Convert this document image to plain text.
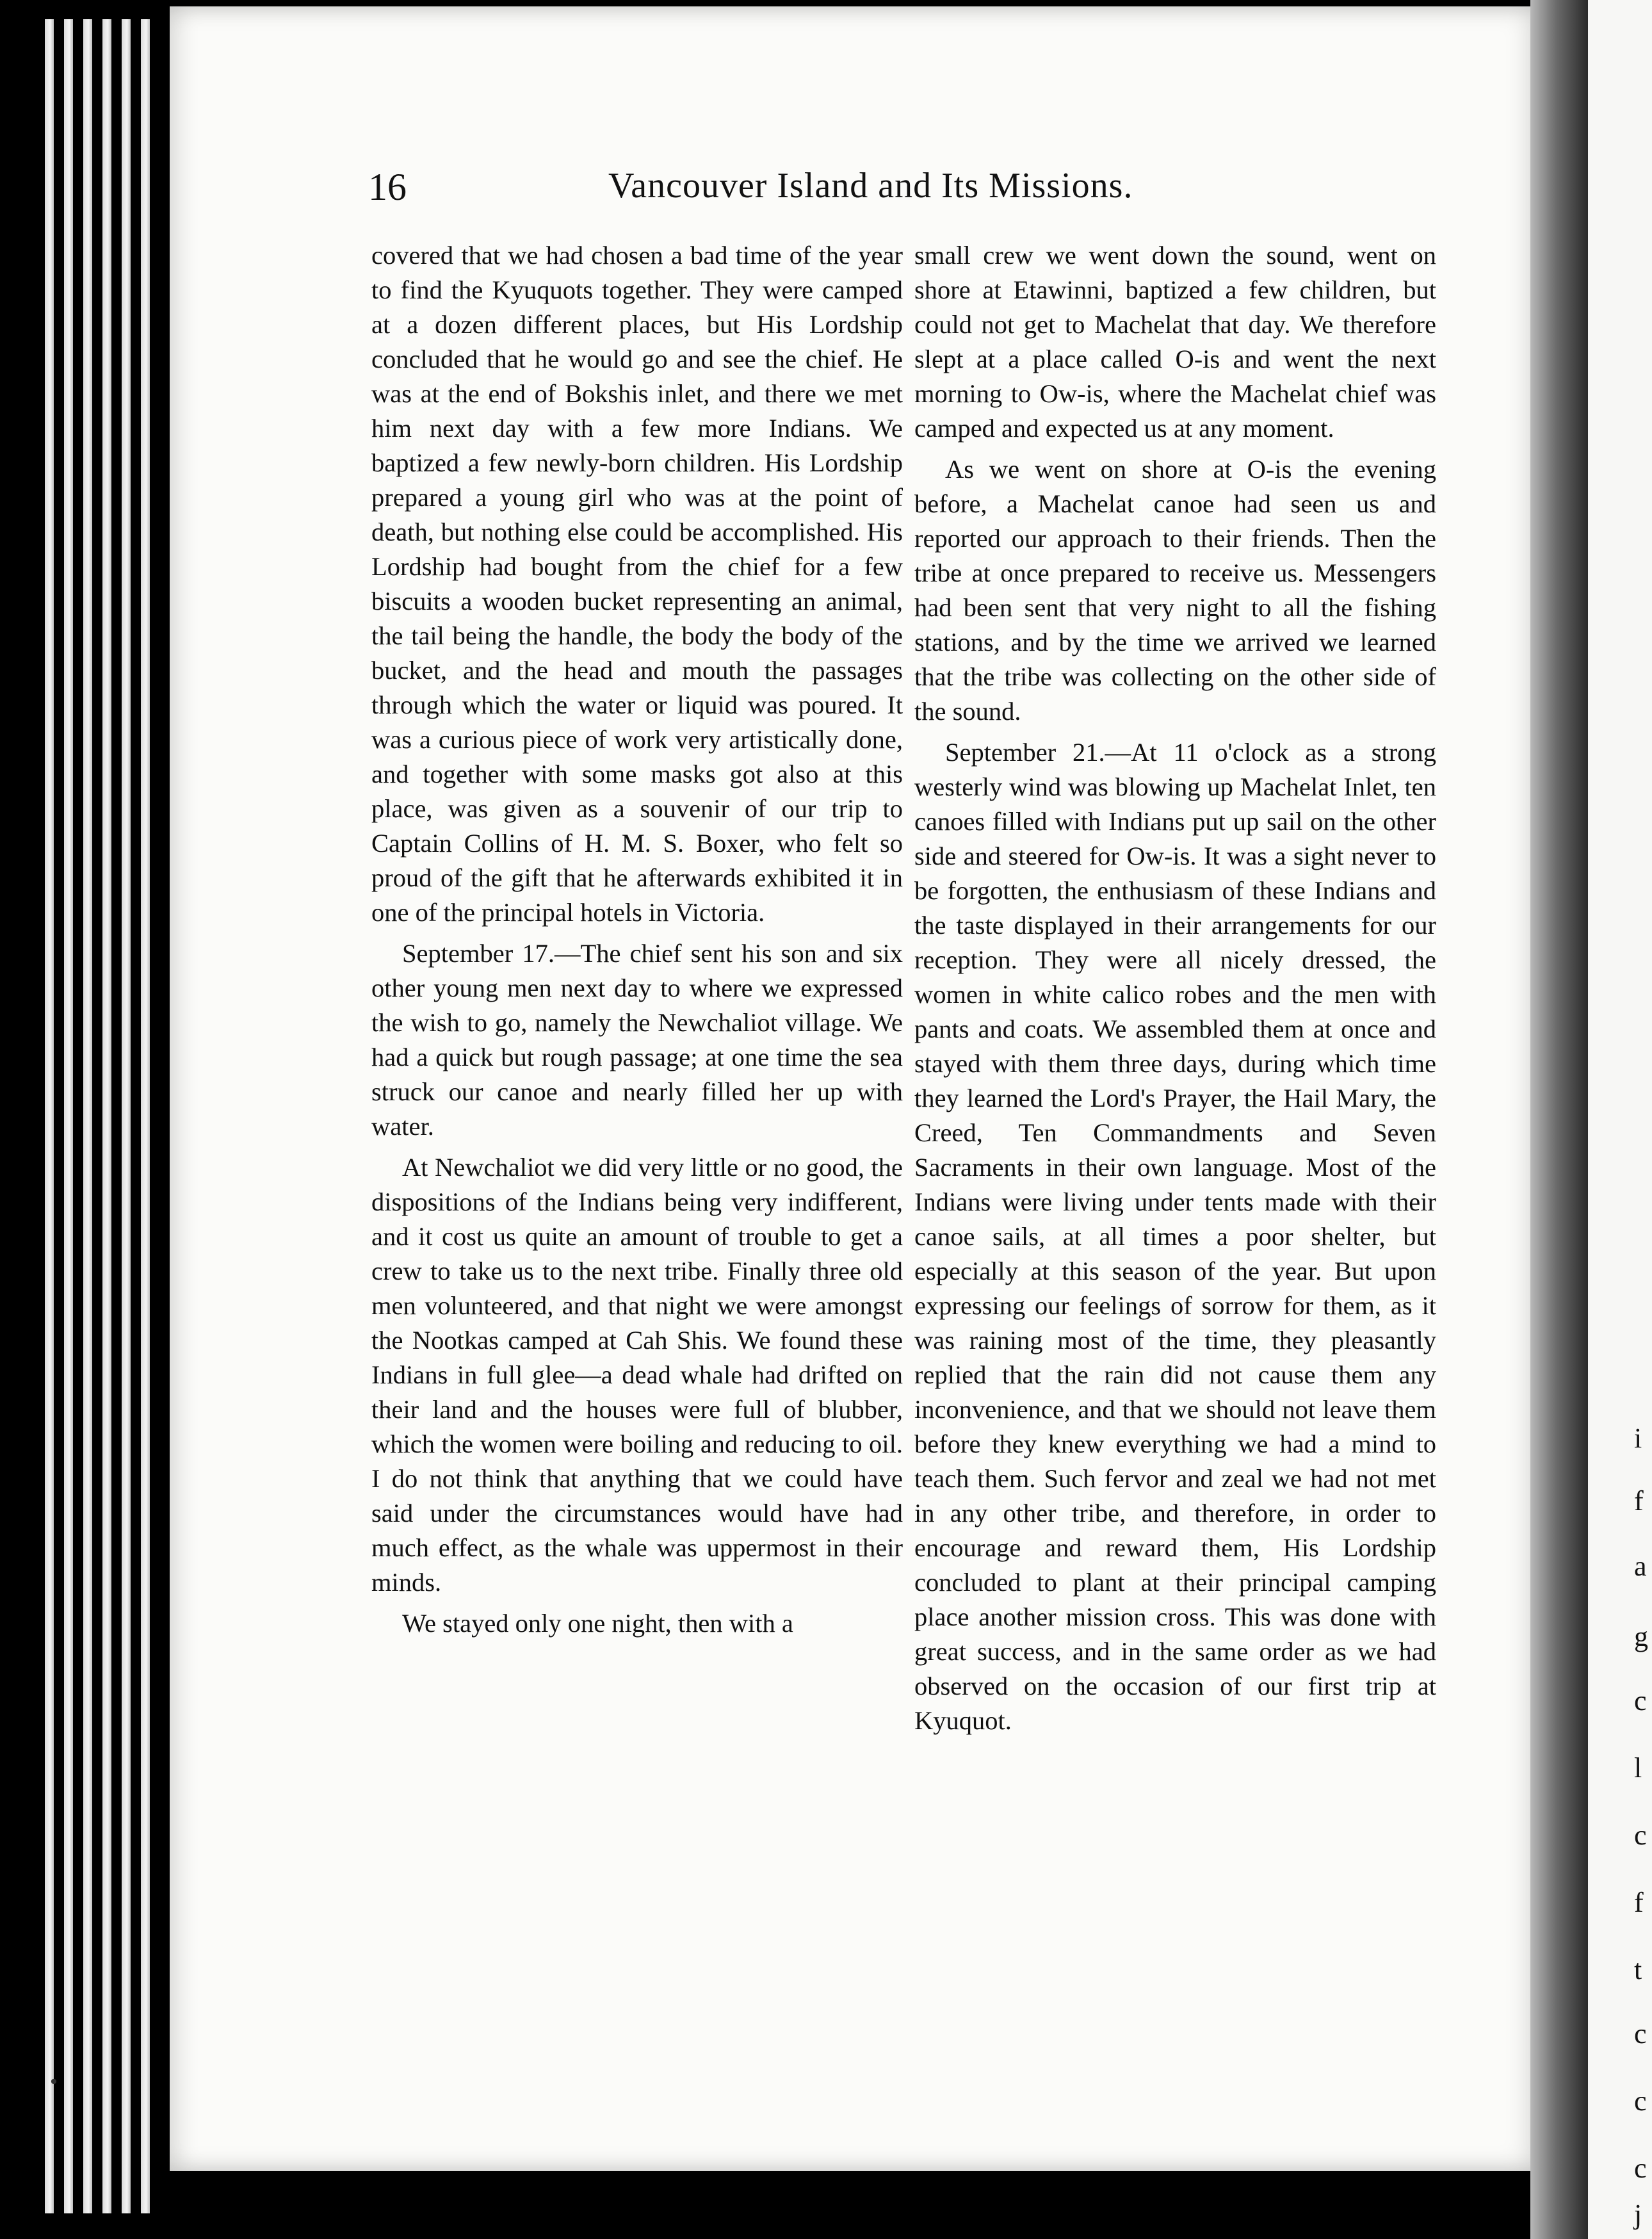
•
16	Vancouver Island and Its Missions.

covered that we had chosen a bad time of the year to find the Kyuquots together. They were camped at a dozen different places, but His Lordship concluded that he would go and see the chief. He was at the end of Bokshis inlet, and there we met him next day with a few more Indians. We baptized a few newly-born children. His Lordship prepared a young girl who was at the point of death, but nothing else could be accomplished. His Lordship had bought from the chief for a few biscuits a wooden bucket representing an animal, the tail being the handle, the body the body of the bucket, and the head and mouth the passages through which the water or liquid was poured. It was a curious piece of work very artistically done, and together with some masks got also at this place, was given as a souvenir of our trip to Captain Collins of H. M. S. Boxer, who felt so proud of the gift that he afterwards exhibited it in one of the principal hotels in Victoria.

September 17.—The chief sent his son and six other young men next day to where we expressed the wish to go, namely the Newchaliot village. We had a quick but rough passage; at one time the sea struck our canoe and nearly filled her up with water.

At Newchaliot we did very little or no good, the dispositions of the Indians being very indifferent, and it cost us quite an amount of trouble to get a crew to take us to the next tribe. Finally three old men volunteered, and that night we were amongst the Nootkas camped at Cah Shis. We found these Indians in full glee—a dead whale had drifted on their land and the houses were full of blubber, which the women were boiling and reducing to oil. I do not think that anything that we could have said under the circumstances would have had much effect, as the whale was uppermost in their minds.

We stayed only one night, then with a

small crew we went down the sound, went on shore at Etawinni, baptized a few children, but could not get to Machelat that day. We therefore slept at a place called O-is and went the next morning to Ow-is, where the Machelat chief was camped and expected us at any moment.

As we went on shore at O-is the evening before, a Machelat canoe had seen us and reported our approach to their friends. Then the tribe at once prepared to receive us. Messengers had been sent that very night to all the fishing stations, and by the time we arrived we learned that the tribe was collecting on the other side of the sound.

September 21.—At 11 o'clock as a strong westerly wind was blowing up Machelat Inlet, ten canoes filled with Indians put up sail on the other side and steered for Ow-is. It was a sight never to be forgotten, the enthusiasm of these Indians and the taste displayed in their arrangements for our reception. They were all nicely dressed, the women in white calico robes and the men with pants and coats. We assembled them at once and stayed with them three days, during which time they learned the Lord's Prayer, the Hail Mary, the Creed, Ten Commandments and Seven Sacraments in their own language. Most of the Indians were living under tents made with their canoe sails, at all times a poor shelter, but especially at this season of the year. But upon expressing our feelings of sorrow for them, as it was raining most of the time, they pleasantly replied that the rain did not cause them any inconvenience, and that we should not leave them before they knew everything we had a mind to teach them. Such fervor and zeal we had not met in any other tribe, and therefore, in order to encourage and reward them, His Lordship concluded to plant at their principal camping place another mission cross. This was done with great success, and in the same order as we had observed on the occasion of our first trip at Kyuquot.

i
f
a
g
c
l
c
f
t
c
c
c
j
